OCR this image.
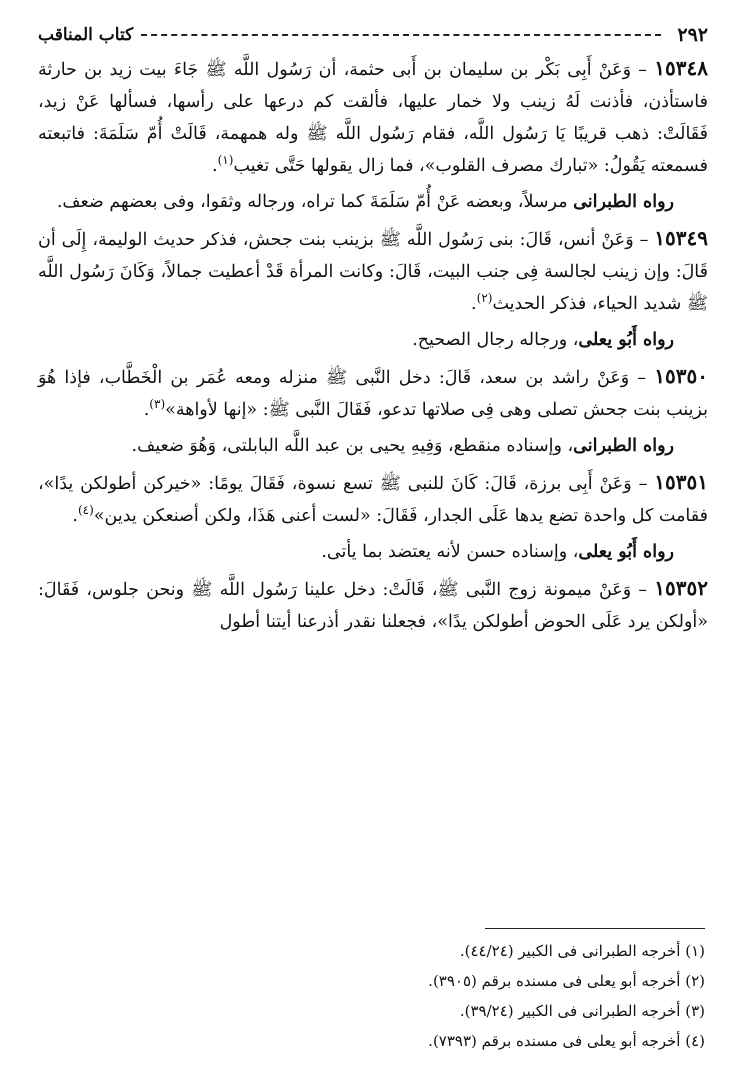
٢٩٢
كتاب المناقب

١٥٣٤٨ – وَعَنْ أَبِى بَكْر بن سليمان بن أَبى حثمة، أن رَسُول اللَّه ﷺ جَاءَ بيت زيد بن حارثة فاستأذن، فأذنت لَهُ زينب ولا خمار عليها، فألقت كم درعها على رأسها، فسألها عَنْ زيد، فَقَالَتْ: ذهب قريبًا يَا رَسُول اللَّه، فقام رَسُول اللَّه ﷺ وله همهمة، قَالَتْ أُمّ سَلَمَةَ: فاتبعته فسمعته يَقُولُ: «تبارك مصرف القلوب»، فما زال يقولها حَتَّى تغيب$^{(١)}$.

رواه الطبرانى مرسلاً، وبعضه عَنْ أُمّ سَلَمَةَ كما تراه، ورجاله وثقوا، وفى بعضهم ضعف.

١٥٣٤٩ – وَعَنْ أنس، قَالَ: بنى رَسُول اللَّه ﷺ بزينب بنت جحش، فذكر حديث الوليمة، إِلَى أن قَالَ: وإن زينب لجالسة فِى جنب البيت، قَالَ: وكانت المرأة قَدْ أعطيت جمالاً، وَكَانَ رَسُول اللَّه ﷺ شديد الحياء، فذكر الحديث$^{(٢)}$.

رواه أَبُو يعلى، ورجاله رجال الصحيح.

١٥٣٥٠ – وَعَنْ راشد بن سعد، قَالَ: دخل النَّبى ﷺ منزله ومعه عُمَر بن الْخَطَّاب، فإذا هُوَ بزينب بنت جحش تصلى وهى فِى صلاتها تدعو، فَقَالَ النَّبى ﷺ: «إنها لأواهة»$^{(٣)}$.

رواه الطبرانى، وإسناده منقطع، وَفِيهِ يحيى بن عبد اللَّه البابلتى، وَهُوَ ضعيف.

١٥٣٥١ – وَعَنْ أَبِى برزة، قَالَ: كَانَ للنبى ﷺ تسع نسوة، فَقَالَ يومًا: «خيركن أطولكن يدًا»، فقامت كل واحدة تضع يدها عَلَى الجدار، فَقَالَ: «لست أعنى هَذَا، ولكن أصنعكن يدين»$^{(٤)}$.

رواه أَبُو يعلى، وإسناده حسن لأنه يعتضد بما يأتى.

١٥٣٥٢ – وَعَنْ ميمونة زوج النَّبى ﷺ، قَالَتْ: دخل علينا رَسُول اللَّه ﷺ ونحن جلوس، فَقَالَ: «أولكن يرد عَلَى الحوض أطولكن يدًا»، فجعلنا نقدر أذرعنا أيتنا أطول

(١) أخرجه الطبرانى فى الكبير (٤٤/٢٤).

(٢) أخرجه أبو يعلى فى مسنده برقم (٣٩٠٥).

(٣) أخرجه الطبرانى فى الكبير (٣٩/٢٤).

(٤) أخرجه أبو يعلى فى مسنده برقم (٧٣٩٣).
